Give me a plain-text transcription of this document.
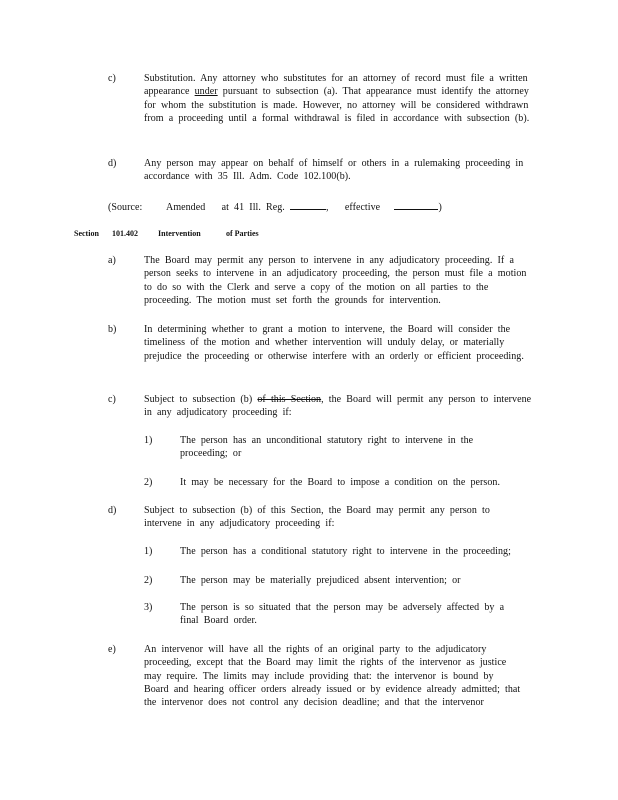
c)	Substitution. Any attorney who substitutes for an attorney of record must file a written appearance under pursuant to subsection (a). That appearance must identify the attorney for whom the substitution is made. However, no attorney will be considered withdrawn from a proceeding until a formal withdrawal is filed in accordance with subsection (b).

d)	Any person may appear on behalf of himself or others in a rulemaking proceeding in accordance with 35 Ill. Adm. Code 102.100(b).

(Source: Amended at 41 Ill. Reg.	, effective	)
Section 101.402	Intervention	of Parties
a)	The Board may permit any person to intervene in any adjudicatory proceeding. If a person seeks to intervene in an adjudicatory proceeding, the person must file a motion to do so with the Clerk and serve a copy of the motion on all parties to the proceeding. The motion must set forth the grounds for intervention.

b)	In determining whether to grant a motion to intervene, the Board will consider the timeliness of the motion and whether intervention will unduly delay, or materially prejudice the proceeding or otherwise interfere with an orderly or efficient proceeding.

c)	Subject to subsection (b) of this Section, the Board will permit any person to intervene in any adjudicatory proceeding if:

1)	The person has an unconditional statutory right to intervene in the proceeding; or

2)	It may be necessary for the Board to impose a condition on the person.

d)	Subject to subsection (b) of this Section, the Board may permit any person to intervene in any adjudicatory proceeding if:

1)	The person has a conditional statutory right to intervene in the proceeding;

2)	The person may be materially prejudiced absent intervention; or

3)	The person is so situated that the person may be adversely affected by a final Board order.

e)	An intervenor will have all the rights of an original party to the adjudicatory proceeding, except that the Board may limit the rights of the intervenor as justice may require. The limits may include providing that: the intervenor is bound by Board and hearing officer orders already issued or by evidence already admitted; that the intervenor does not control any decision deadline; and that the intervenor
